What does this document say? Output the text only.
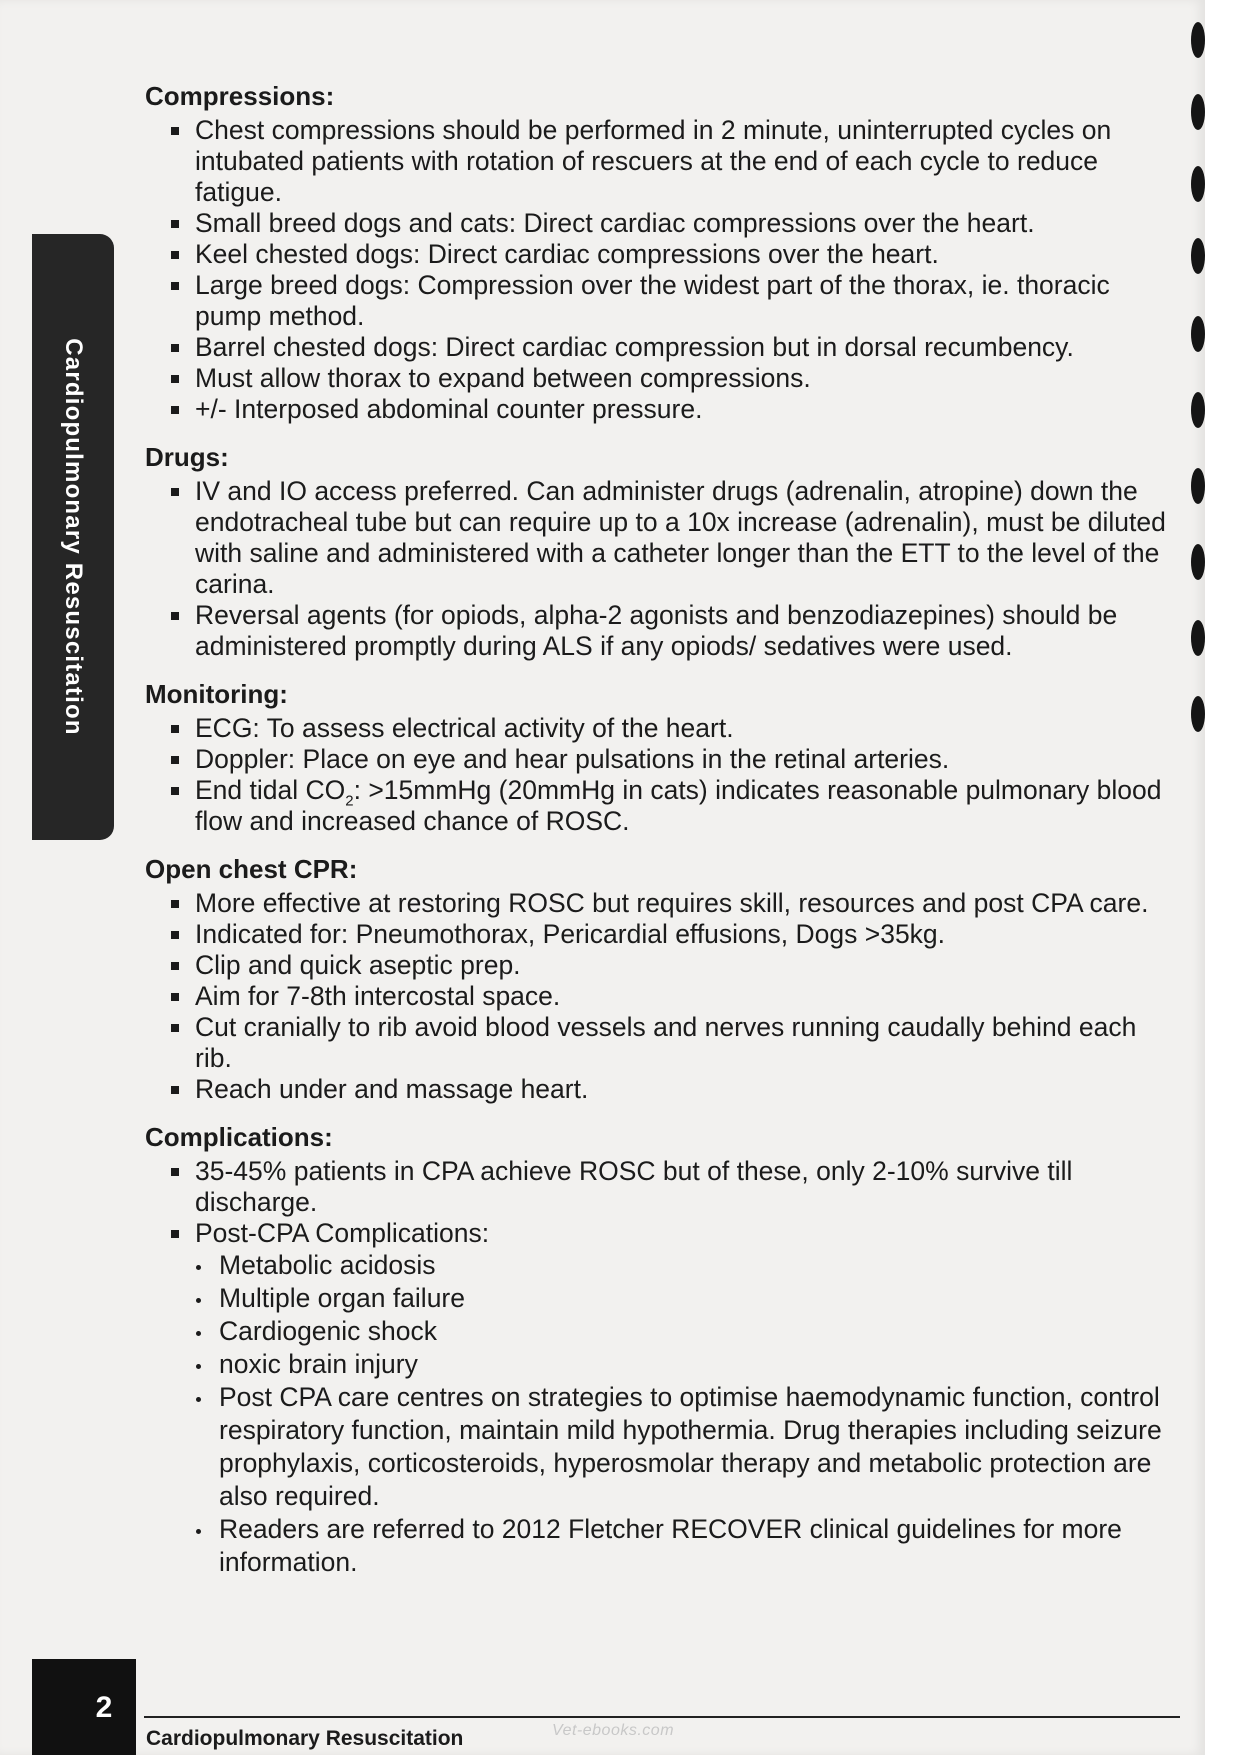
Cardiopulmonary Resuscitation
Compressions:
Chest compressions should be performed in 2 minute, uninterrupted cycles on intubated patients with rotation of rescuers at the end of each cycle to reduce fatigue.
Small breed dogs and cats: Direct cardiac compressions over the heart.
Keel chested dogs: Direct cardiac compressions over the heart.
Large breed dogs: Compression over the widest part of the thorax, ie. thoracic pump method.
Barrel chested dogs: Direct cardiac compression but in dorsal recumbency.
Must allow thorax to expand between compressions.
+/- Interposed abdominal counter pressure.
Drugs:
IV and IO access preferred. Can administer drugs (adrenalin, atropine) down the endotracheal tube but can require up to a 10x increase (adrenalin), must be diluted with saline and administered with a catheter longer than the ETT to the level of the carina.
Reversal agents (for opiods, alpha-2 agonists and benzodiazepines) should be administered promptly during ALS if any opiods/ sedatives were used.
Monitoring:
ECG: To assess electrical activity of the heart.
Doppler: Place on eye and hear pulsations in the retinal arteries.
End tidal $CO_2$: >15mmHg (20mmHg in cats) indicates reasonable pulmonary blood flow and increased chance of ROSC.
Open chest CPR:
More effective at restoring ROSC but requires skill, resources and post CPA care.
Indicated for: Pneumothorax, Pericardial effusions, Dogs >35kg.
Clip and quick aseptic prep.
Aim for 7-8th intercostal space.
Cut cranially to rib avoid blood vessels and nerves running caudally behind each rib.
Reach under and massage heart.
Complications:
35-45% patients in CPA achieve ROSC but of these, only 2-10% survive till discharge.
Post-CPA Complications:
Metabolic acidosis
Multiple organ failure
Cardiogenic shock
noxic brain injury
Post CPA care centres on strategies to optimise haemodynamic function, control respiratory function, maintain mild hypothermia. Drug therapies including seizure prophylaxis, corticosteroids, hyperosmolar therapy and metabolic protection are also required.
Readers are referred to 2012 Fletcher RECOVER clinical guidelines for more information.
2
Cardiopulmonary Resuscitation	Vet-ebooks.com
